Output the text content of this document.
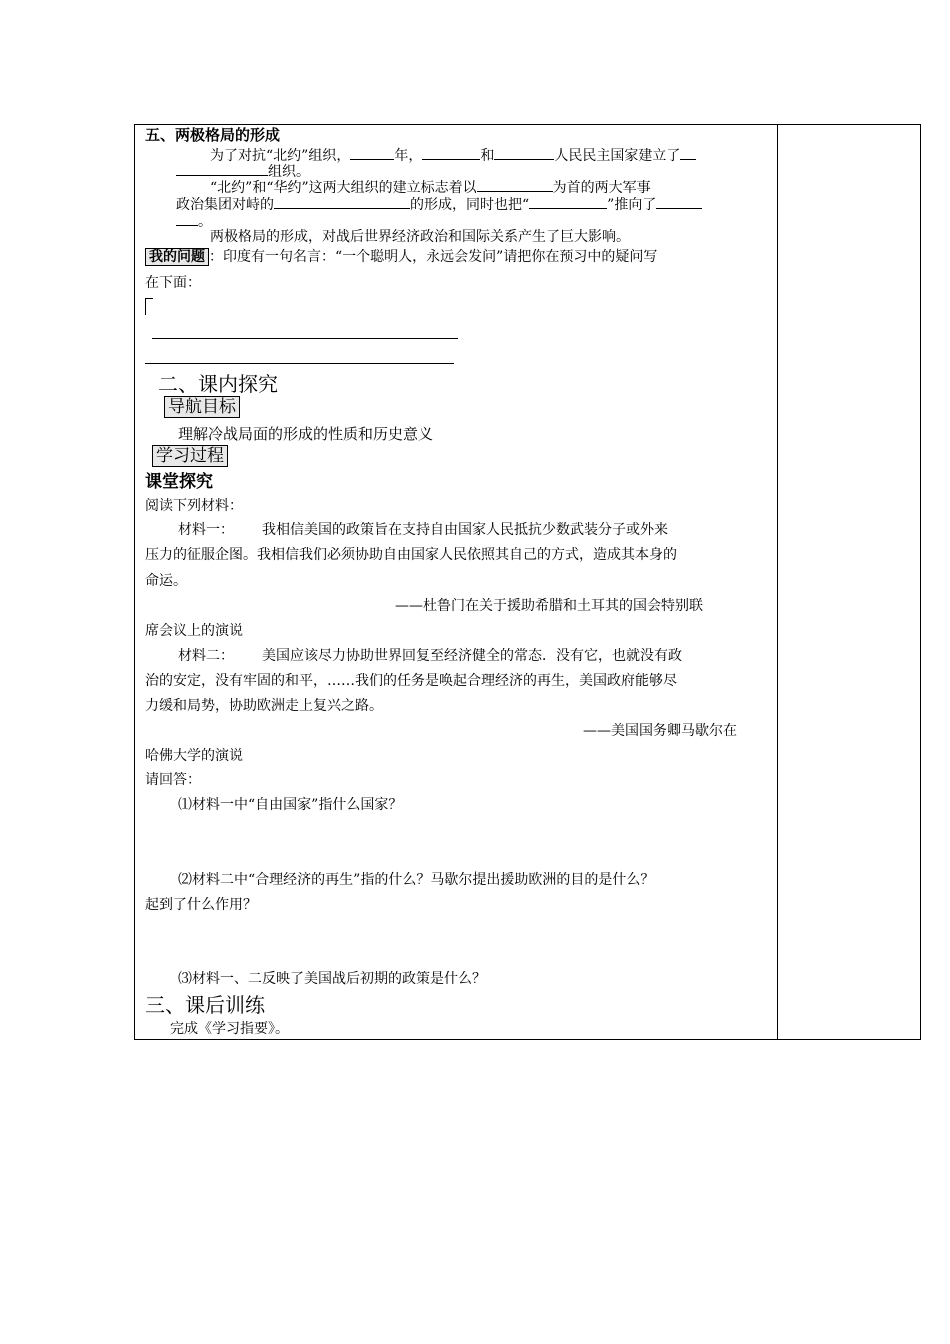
五、两极格局的形成
为了对抗“北约”组织，	年，	和	人民民主国家建立了
组织。
“北约”和“华约”这两大组织的建立标志着以	为首的两大军事
政治集团对峙的	的形成，同时也把“	”推向了
。
两极格局的形成，对战后世界经济政治和国际关系产生了巨大影响。
我的问题 ：印度有一句名言：“一个聪明人，永远会发问”请把你在预习中的疑问写
在下面：
二、课内探究
导航目标
理解冷战局面的形成的性质和历史意义
学习过程
课堂探究
阅读下列材料：
材料一： 我相信美国的政策旨在支持自由国家人民抵抗少数武装分子或外来
压力的征服企图。我相信我们必须协助自由国家人民依照其自己的方式，造成其本身的
命运。
——杜鲁门在关于援助希腊和土耳其的国会特别联
席会议上的演说
材料二： 美国应该尽力协助世界回复至经济健全的常态．没有它，也就没有政
治的安定，没有牢固的和平，……我们的任务是唤起合理经济的再生，美国政府能够尽
力缓和局势，协助欧洲走上复兴之路。
——美国国务卿马歇尔在
哈佛大学的演说
请回答：
⑴材料一中“自由国家”指什么国家？
⑵材料二中“合理经济的再生”指的什么？马歇尔提出援助欧洲的目的是什么？
起到了什么作用？
⑶材料一、二反映了美国战后初期的政策是什么？
三、课后训练
完成《学习指要》。
